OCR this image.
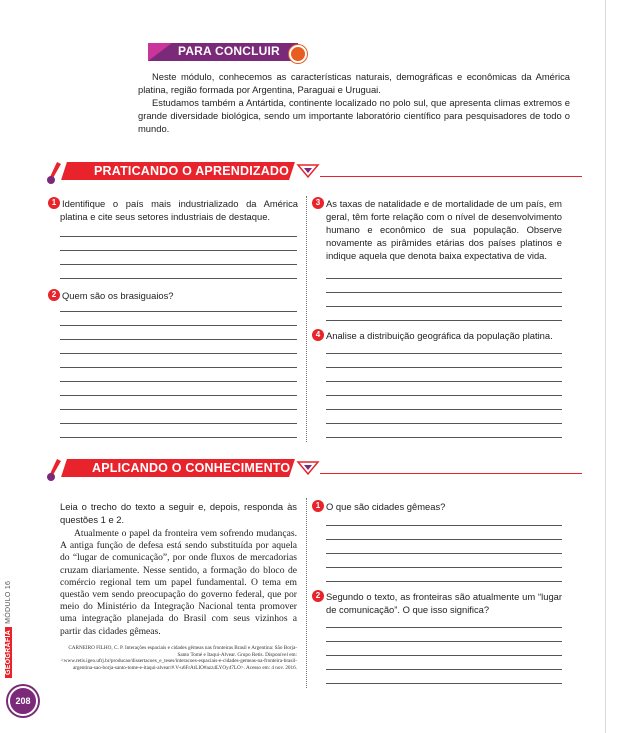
PARA CONCLUIR

Neste módulo, conhecemos as características naturais, demográficas e econômicas da América platina, região formada por Argentina, Paraguai e Uruguai.

Estudamos também a Antártida, continente localizado no polo sul, que apresenta climas extremos e grande diversidade biológica, sendo um importante laboratório científico para pesquisadores de todo o mundo.

PRATICANDO O APRENDIZADO

1 Identifique o país mais industrializado da América platina e cite seus setores industriais de destaque.

2 Quem são os brasiguaios?

3 As taxas de natalidade e de mortalidade de um país, em geral, têm forte relação com o nível de desenvolvimento humano e econômico de sua população. Observe novamente as pirâmides etárias dos países platinos e indique aquela que denota baixa expectativa de vida.

4 Analise a distribuição geográfica da população platina.

APLICANDO O CONHECIMENTO

Leia o trecho do texto a seguir e, depois, responda às questões 1 e 2.

Atualmente o papel da fronteira vem sofrendo mudanças. A antiga função de defesa está sendo substituída por aquela do “lugar de comunicação”, por onde fluxos de mercadorias cruzam diariamente. Nesse sentido, a formação do bloco de comércio regional tem um papel fundamental. O tema em questão vem sendo preocupação do governo federal, que por meio do Ministério da Integração Nacional tenta promover uma integração planejada do Brasil com seus vizinhos a partir das cidades gêmeas.

CARNEIRO FILHO, C. P. Interações espaciais e cidades gêmeas nas fronteiras Brasil e Argentina: São Borja-Santo Tomé e Itaqui-Alvear. Grupo Retis. Disponível em: <www.retis.igeo.ufrj.br/producao/dissertacoes_e_teses/interacoes-espaciais-e-cidades-gemeas-na-fronteira-brasil-argentina-sao-borja-santo-tome-e-itaqui-alvear/#.V-u6FrAtLIO#azz4LYOy47LO>. Acesso em: 4 nov. 2016.

1 O que são cidades gêmeas?

2 Segundo o texto, as fronteiras são atualmente um “lugar de comunicação”. O que isso significa?

GEOGRAFIAMÓDULO 16
208
